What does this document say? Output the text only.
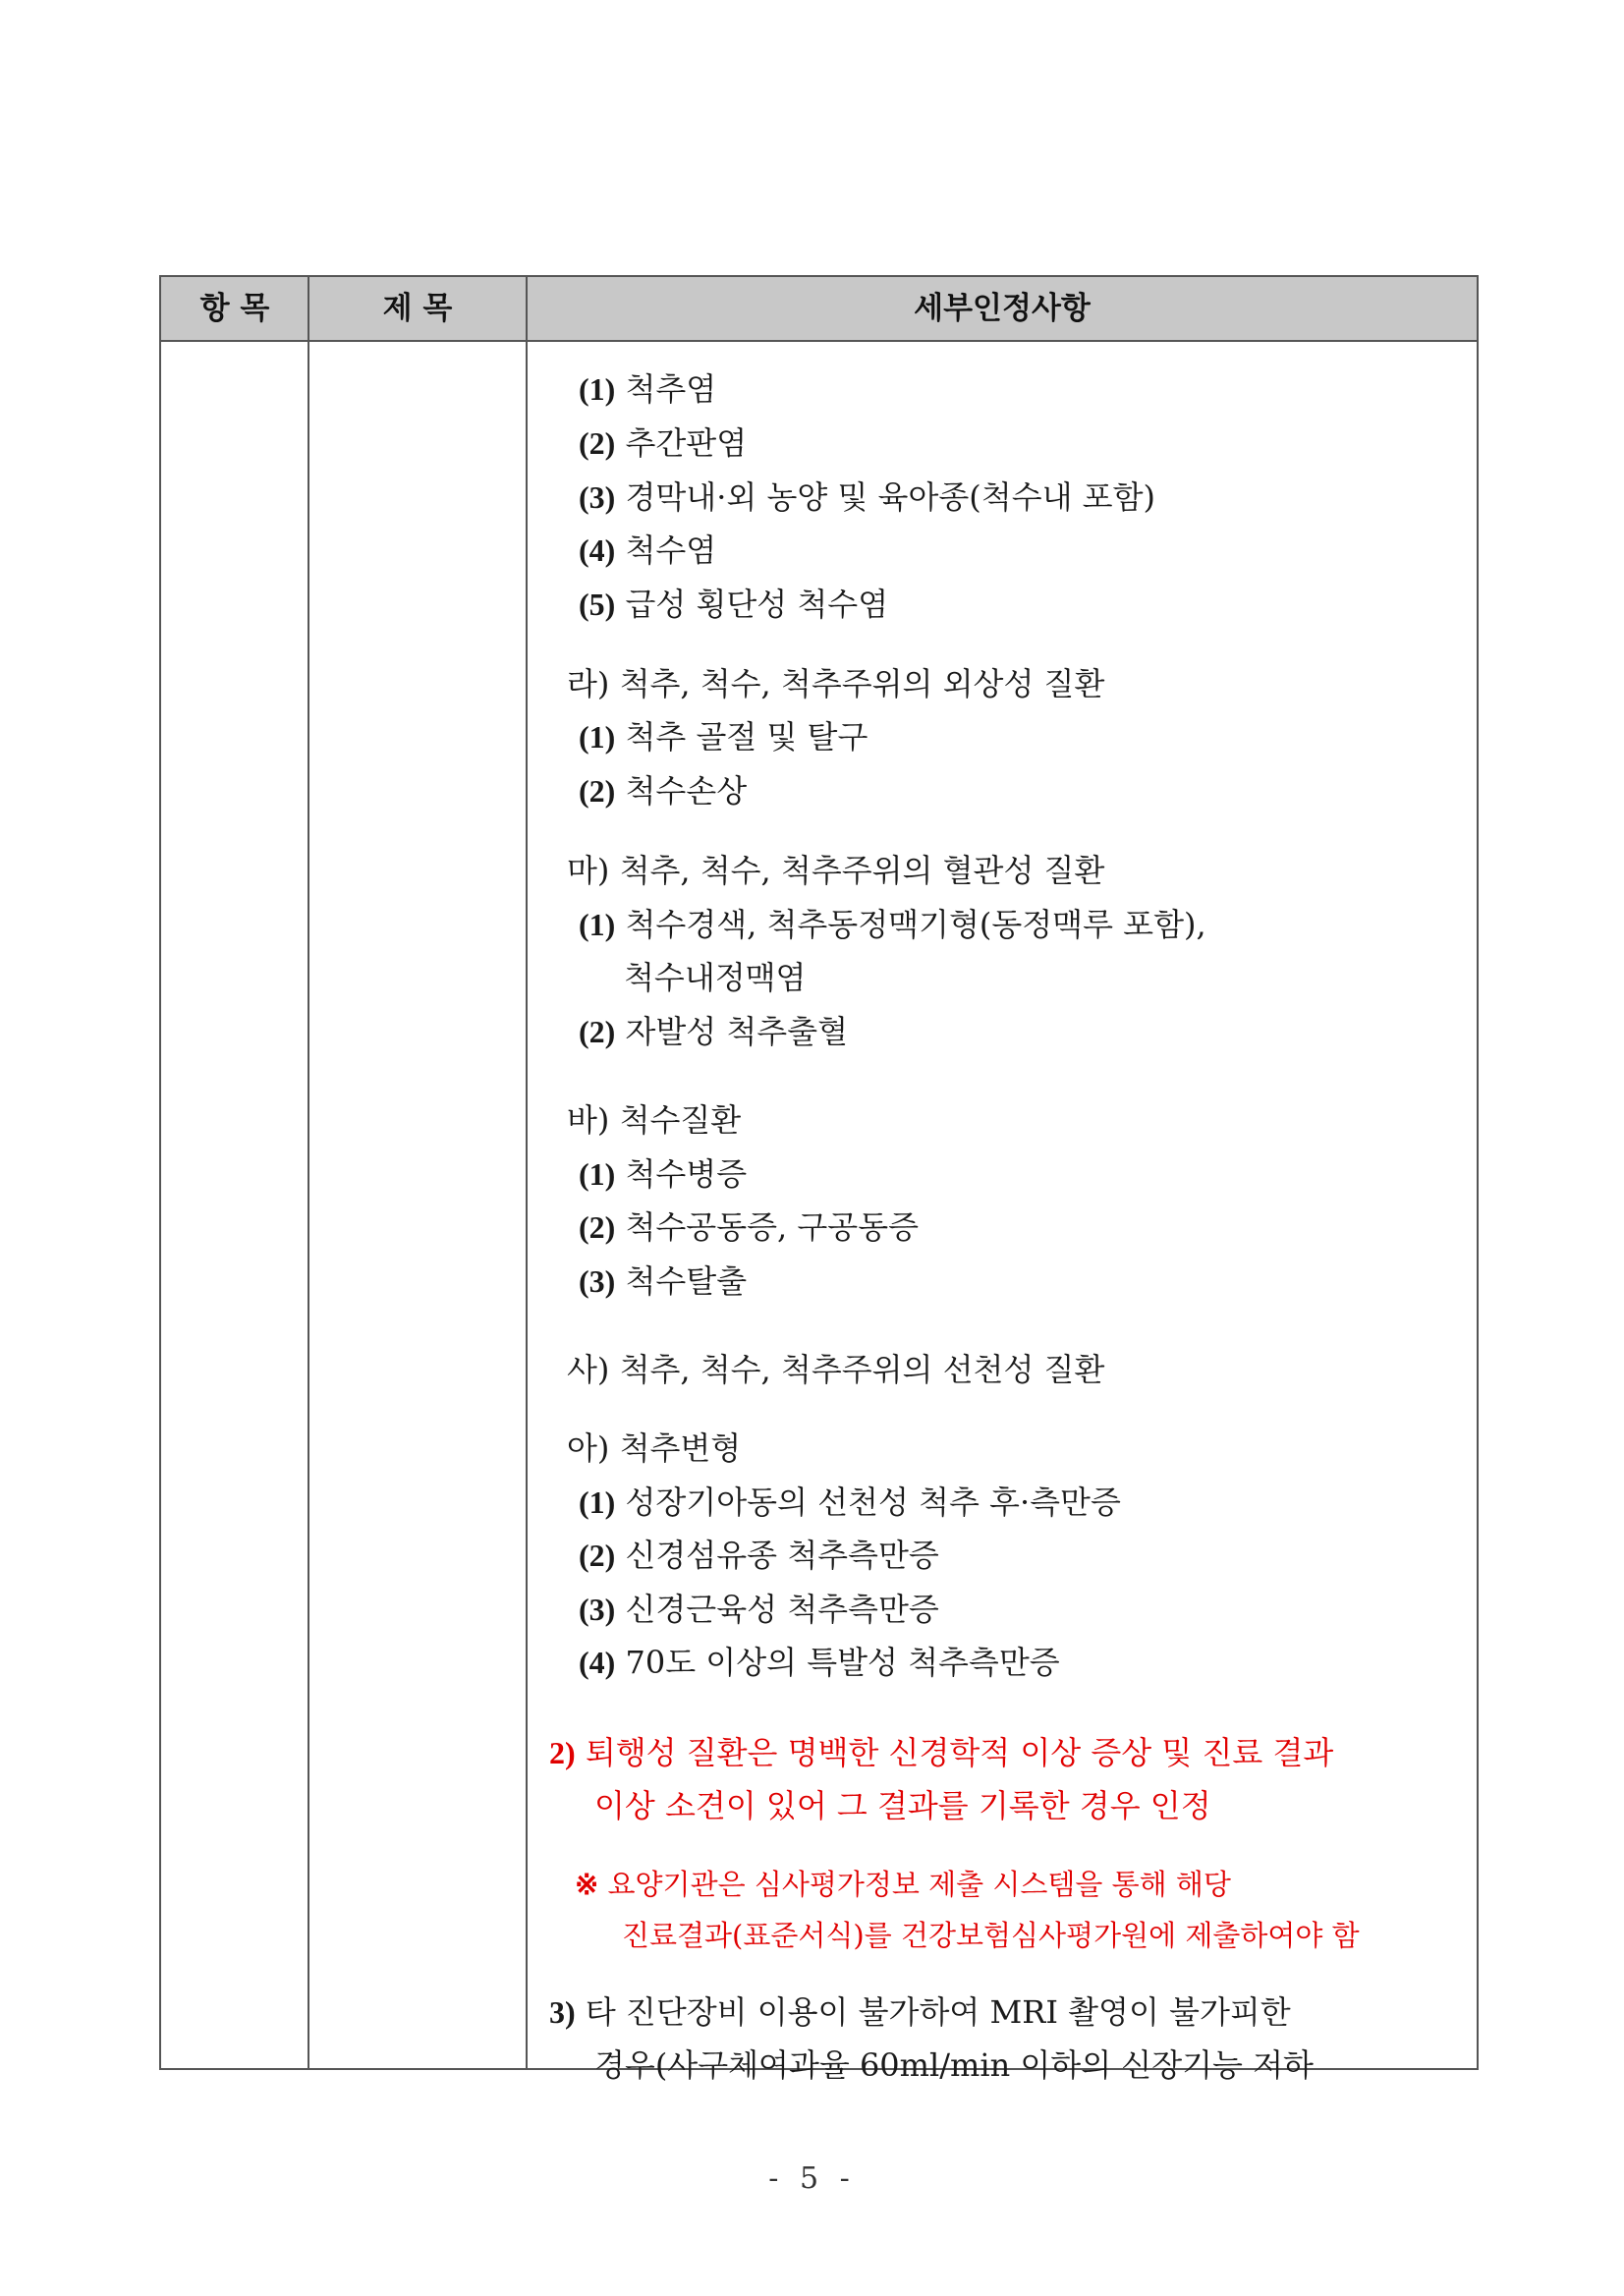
항 목	제 목	세부인정사항
(1) 척추염
(2) 추간판염
(3) 경막내·외 농양 및 육아종(척수내 포함)
(4) 척수염
(5) 급성 횡단성 척수염
라) 척추, 척수, 척추주위의 외상성 질환
(1) 척추 골절 및 탈구
(2) 척수손상
마) 척추, 척수, 척추주위의 혈관성 질환
(1) 척수경색, 척추동정맥기형(동정맥루 포함),
척수내정맥염
(2) 자발성 척추출혈
바) 척수질환
(1) 척수병증
(2) 척수공동증, 구공동증
(3) 척수탈출
사) 척추, 척수, 척추주위의 선천성 질환
아) 척추변형
(1) 성장기아동의 선천성 척추 후·측만증
(2) 신경섬유종 척추측만증
(3) 신경근육성 척추측만증
(4) 70도 이상의 특발성 척추측만증
2) 퇴행성 질환은 명백한 신경학적 이상 증상 및 진료 결과
이상 소견이 있어 그 결과를 기록한 경우 인정
※ 요양기관은 심사평가정보 제출 시스템을 통해 해당
진료결과(표준서식)를 건강보험심사평가원에 제출하여야 함
3) 타 진단장비 이용이 불가하여 MRI 촬영이 불가피한
경우(사구체여과율 60ml/min 이하의 신장기능 저하
- 5 -
